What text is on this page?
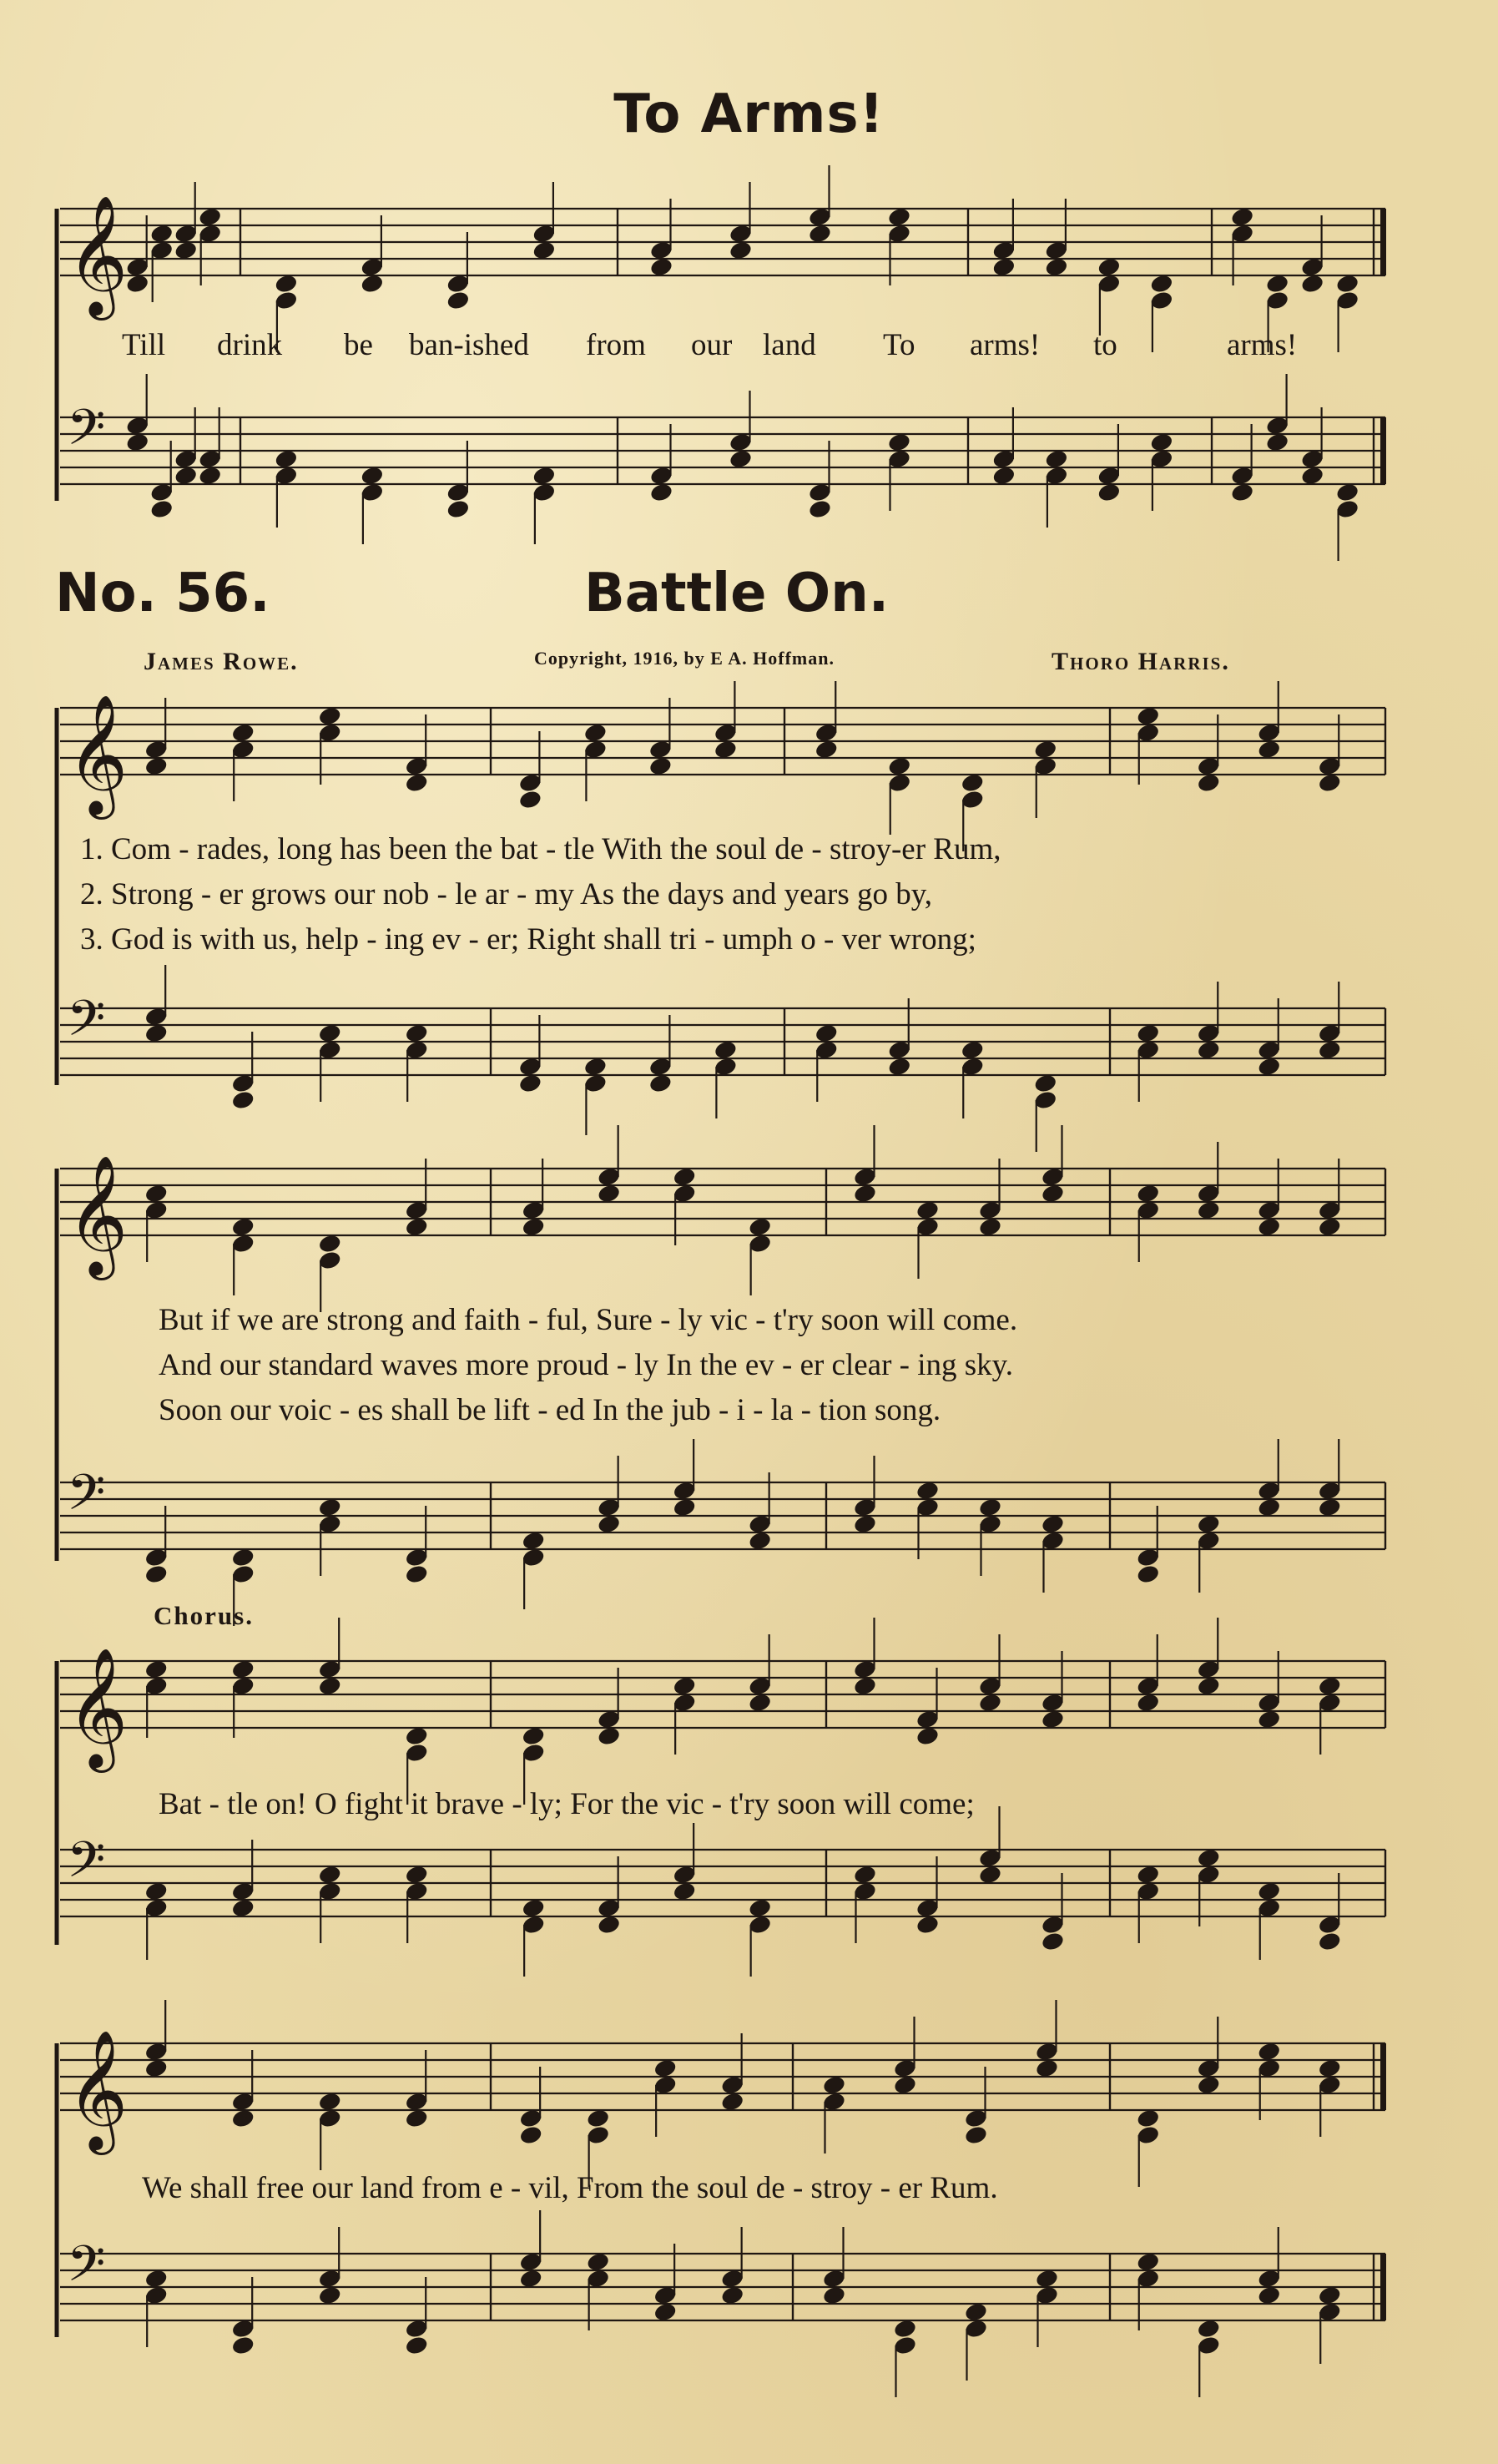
To Arms!
𝄞
𝄢
𝄞
𝄢
𝄞
𝄢
𝄞
𝄢
𝄞
𝄢
Till drink be ban-ished from our land To arms! to	arms!
No. 56.	Battle On.
James Rowe.	Copyright, 1916, by E A. Hoffman.	Thoro Harris.
1. Com - rades, long has been the bat - tle With the soul de - stroy-er Rum,
2. Strong - er grows our nob - le ar - my As the days and years go by,
3. God is with us, help - ing ev - er; Right shall tri - umph o - ver wrong;
But if we are strong and faith - ful, Sure - ly vic - t'ry soon will come.
And our standard waves more proud - ly In the ev - er clear - ing sky.
Soon our voic - es shall be lift - ed In the jub - i - la - tion song.
Chorus.
Bat - tle on! O fight it brave - ly; For the vic - t'ry soon will come;
We shall free our land from e - vil, From the soul de - stroy - er Rum.
